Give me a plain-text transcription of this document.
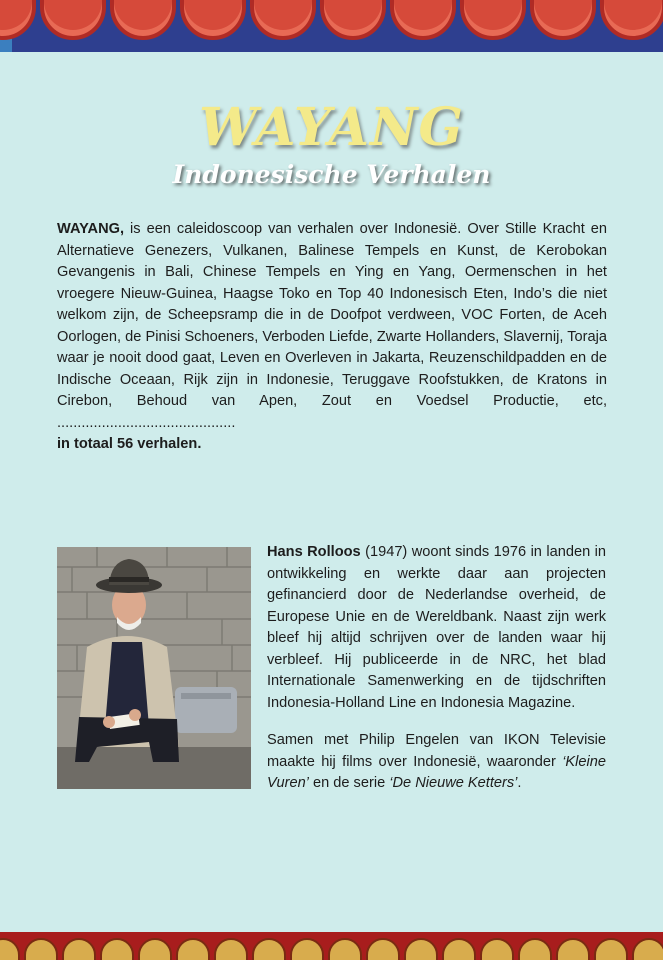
WAYANG
Indonesische Verhalen
WAYANG, is een caleidoscoop van verhalen over Indonesië. Over Stille Kracht en Alternatieve Genezers, Vulkanen, Balinese Tempels en Kunst, de Kerobokan Gevangenis in Bali, Chinese Tempels en Ying en Yang, Oermenschen in het vroegere Nieuw-Guinea, Haagse Toko en Top 40 Indonesisch Eten, Indo’s die niet welkom zijn, de Scheepsramp die in de Doofpot verdween, VOC Forten, de Aceh Oorlogen, de Pinisi Schoeners, Verboden Liefde, Zwarte Hollanders, Slavernij, Toraja waar je nooit dood gaat, Leven en Overleven in Jakarta, Reuzenschildpadden en de Indische Oceaan, Rijk zijn in Indonesie, Teruggave Roofstukken, de Kratons in Cirebon, Behoud van Apen, Zout en Voedsel Productie, etc, ............................................
in totaal 56 verhalen.

Hans Rolloos (1947) woont sinds 1976 in landen in ontwikkeling en werkte daar aan projecten gefinancierd door de Nederlandse overheid, de Europese Unie en de Wereldbank. Naast zijn werk bleef hij altijd schrijven over de landen waar hij verbleef. Hij publiceerde in de NRC, het blad Internationale Samenwerking en de tijdschriften Indonesia-Holland Line en Indonesia Magazine.

Samen met Philip Engelen van IKON Televisie maakte hij films over Indonesië, waaronder ‘Kleine Vuren’ en de serie ‘De Nieuwe Ketters’.
